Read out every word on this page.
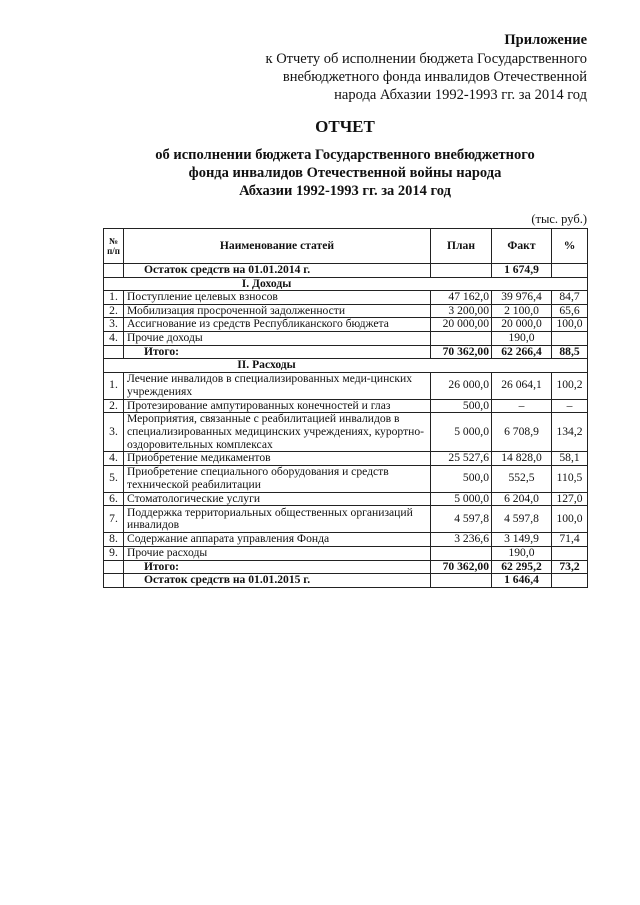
Приложение
к Отчету об исполнении бюджета Государственного
внебюджетного фонда инвалидов Отечественной
народа Абхазии 1992-1993 гг. за 2014 год
ОТЧЕТ
об исполнении бюджета Государственного внебюджетного
фонда инвалидов Отечественной войны народа
Абхазии 1992-1993 гг. за 2014 год
(тыс. руб.)
№ п/п	Наименование статей	План	Факт	%
	Остаток средств на 01.01.2014 г.		1 674,9	
I. Доходы				
1.	Поступление целевых взносов	47 162,0	39 976,4	84,7
2.	Мобилизация просроченной задолженности	3 200,00	2 100,0	65,6
3.	Ассигнование из средств Республиканского бюджета	20 000,00	20 000,0	100,0
4.	Прочие доходы		190,0	
	Итого:	70 362,00	62 266,4	88,5
II. Расходы				
1.	Лечение инвалидов в специализированных меди-цинских учреждениях	26 000,0	26 064,1	100,2
2.	Протезирование ампутированных конечностей и глаз	500,0	–	–
3.	Мероприятия, связанные с реабилитацией инвалидов в специализированных медицинских учреждениях, курортно-оздоровительных комплексах	5 000,0	6 708,9	134,2
4.	Приобретение медикаментов	25 527,6	14 828,0	58,1
5.	Приобретение специального оборудования и средств технической реабилитации	500,0	552,5	110,5
6.	Стоматологические услуги	5 000,0	6 204,0	127,0
7.	Поддержка территориальных общественных организаций инвалидов	4 597,8	4 597,8	100,0
8.	Содержание аппарата управления Фонда	3 236,6	3 149,9	71,4
9.	Прочие расходы		190,0	
	Итого:	70 362,00	62 295,2	73,2
	Остаток средств на 01.01.2015 г.		1 646,4	
